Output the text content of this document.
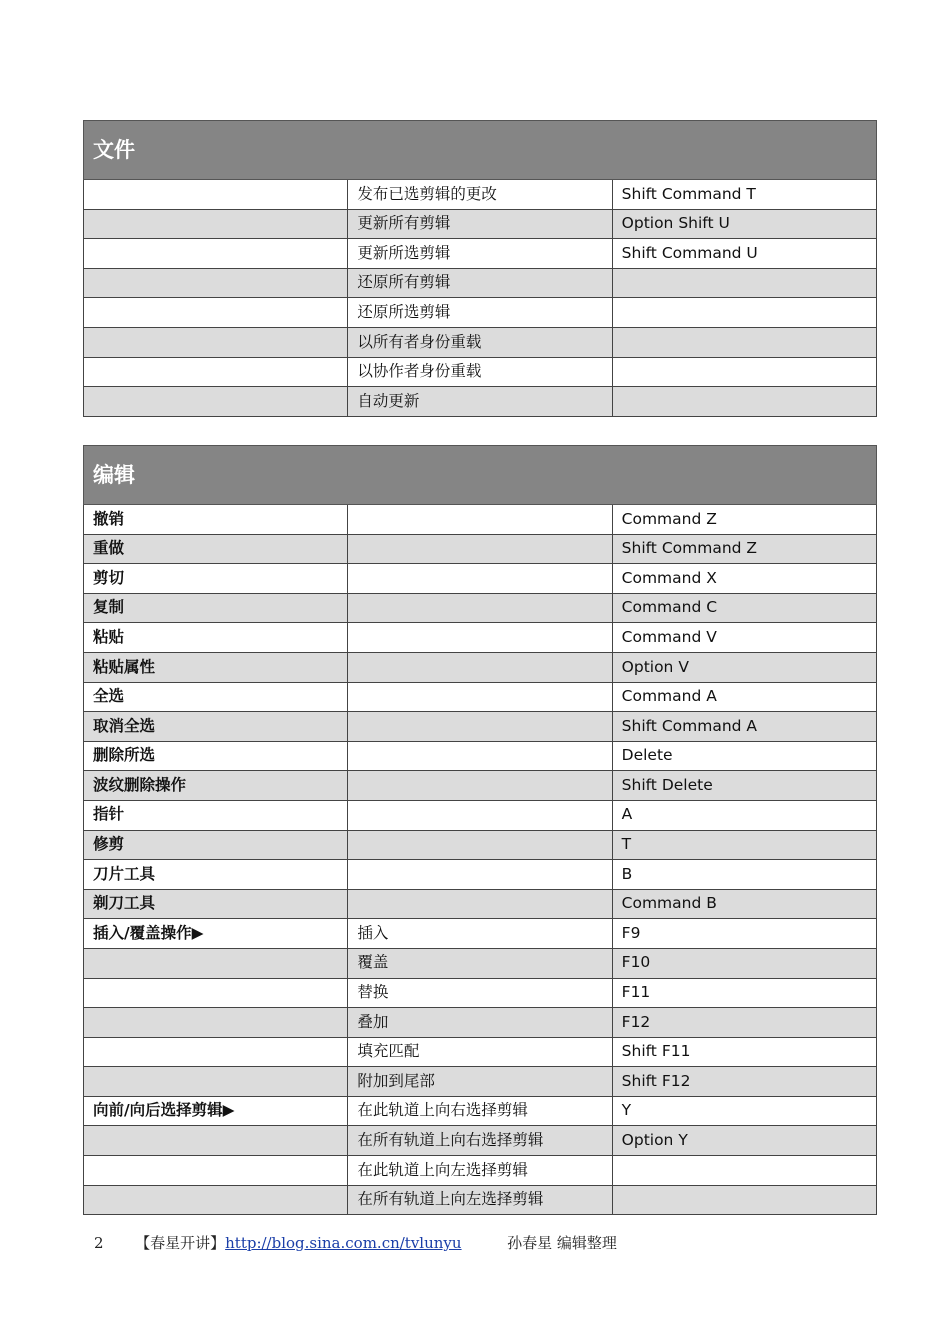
文件		
	发布已选剪辑的更改	Shift Command T
	更新所有剪辑	Option Shift U
	更新所选剪辑	Shift Command U
	还原所有剪辑	
	还原所选剪辑	
	以所有者身份重载	
	以协作者身份重载	
	自动更新	
编辑		
撤销		Command Z
重做		Shift Command Z
剪切		Command X
复制		Command C
粘贴		Command V
粘贴属性		Option V
全选		Command A
取消全选		Shift Command A
删除所选		Delete
波纹删除操作		Shift Delete
指针		A
修剪		T
刀片工具		B
剃刀工具		Command B
插入/覆盖操作▶	插入	F9
	覆盖	F10
	替换	F11
	叠加	F12
	填充匹配	Shift F11
	附加到尾部	Shift F12
向前/向后选择剪辑▶	在此轨道上向右选择剪辑	Y
	在所有轨道上向右选择剪辑	Option Y
	在此轨道上向左选择剪辑	
	在所有轨道上向左选择剪辑	
2 【春星开讲】http://blog.sina.com.cn/tvlunyu	孙春星 编辑整理
